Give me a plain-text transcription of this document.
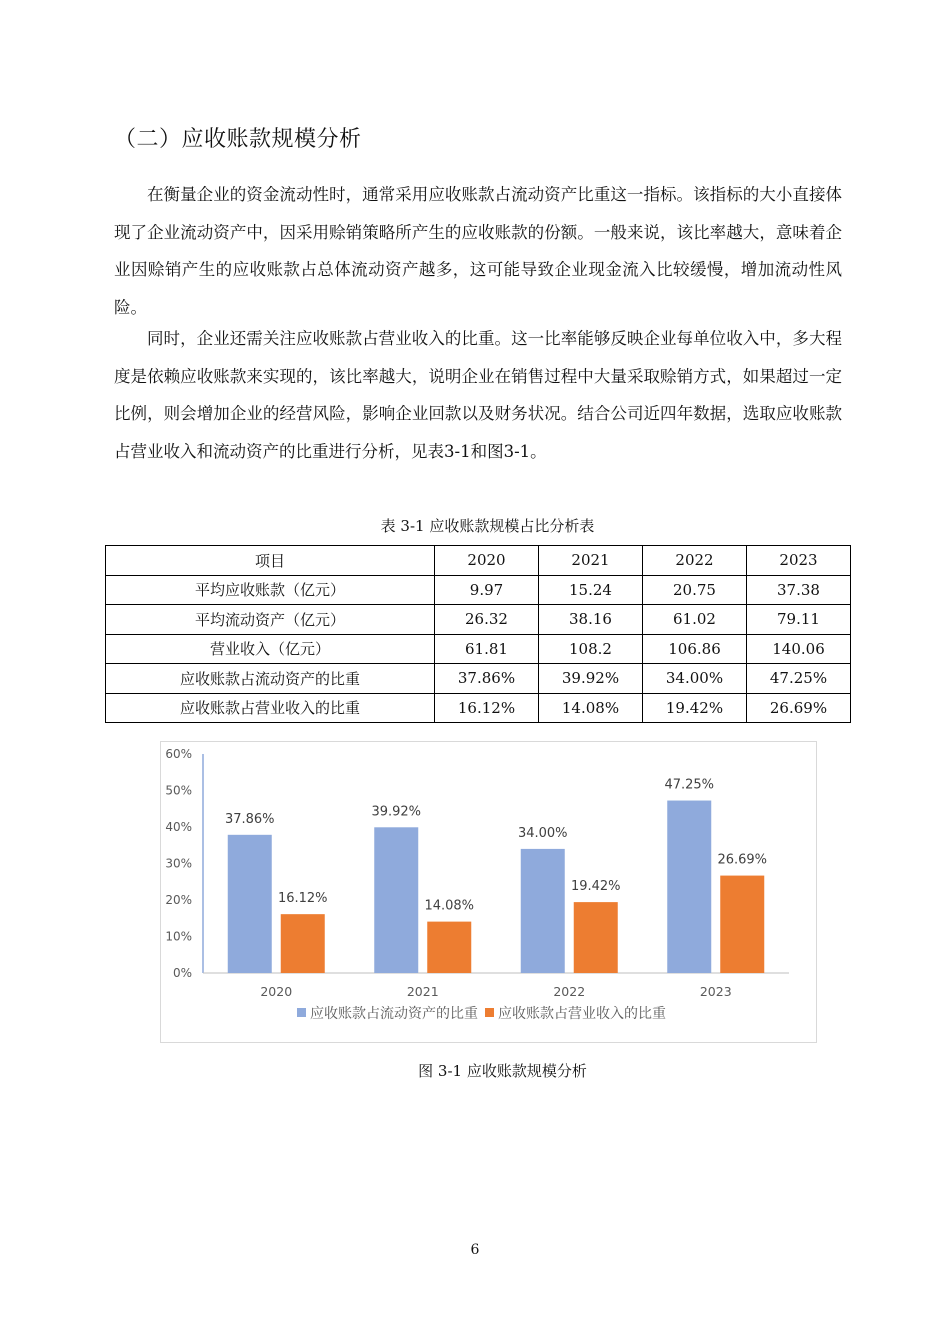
（二）应收账款规模分析

在衡量企业的资金流动性时，通常采用应收账款占流动资产比重这一指标。该指标的大小直接体现了企业流动资产中，因采用赊销策略所产生的应收账款的份额。一般来说，该比率越大，意味着企业因赊销产生的应收账款占总体流动资产越多，这可能导致企业现金流入比较缓慢，增加流动性风险。

同时，企业还需关注应收账款占营业收入的比重。这一比率能够反映企业每单位收入中，多大程度是依赖应收账款来实现的，该比率越大，说明企业在销售过程中大量采取赊销方式，如果超过一定比例，则会增加企业的经营风险，影响企业回款以及财务状况。结合公司近四年数据，选取应收账款占营业收入和流动资产的比重进行分析，见表3-1和图3-1。

表 3-1 应收账款规模占比分析表
项目	2020	2021	2022	2023
平均应收账款（亿元）	9.97	15.24	20.75	37.38
平均流动资产（亿元）	26.32	38.16	61.02	79.11
营业收入（亿元）	61.81	108.2	106.86	140.06
应收账款占流动资产的比重	37.86%	39.92%	34.00%	47.25%
应收账款占营业收入的比重	16.12%	14.08%	19.42%	26.69%
0%
10%
20%
30%
40%
50%
60%
37.86%
16.12%
2020
39.92%
14.08%
2021
34.00%
19.42%
2022
47.25%
26.69%
2023
应收账款占流动资产的比重 应收账款占营业收入的比重
图 3-1 应收账款规模分析
6
